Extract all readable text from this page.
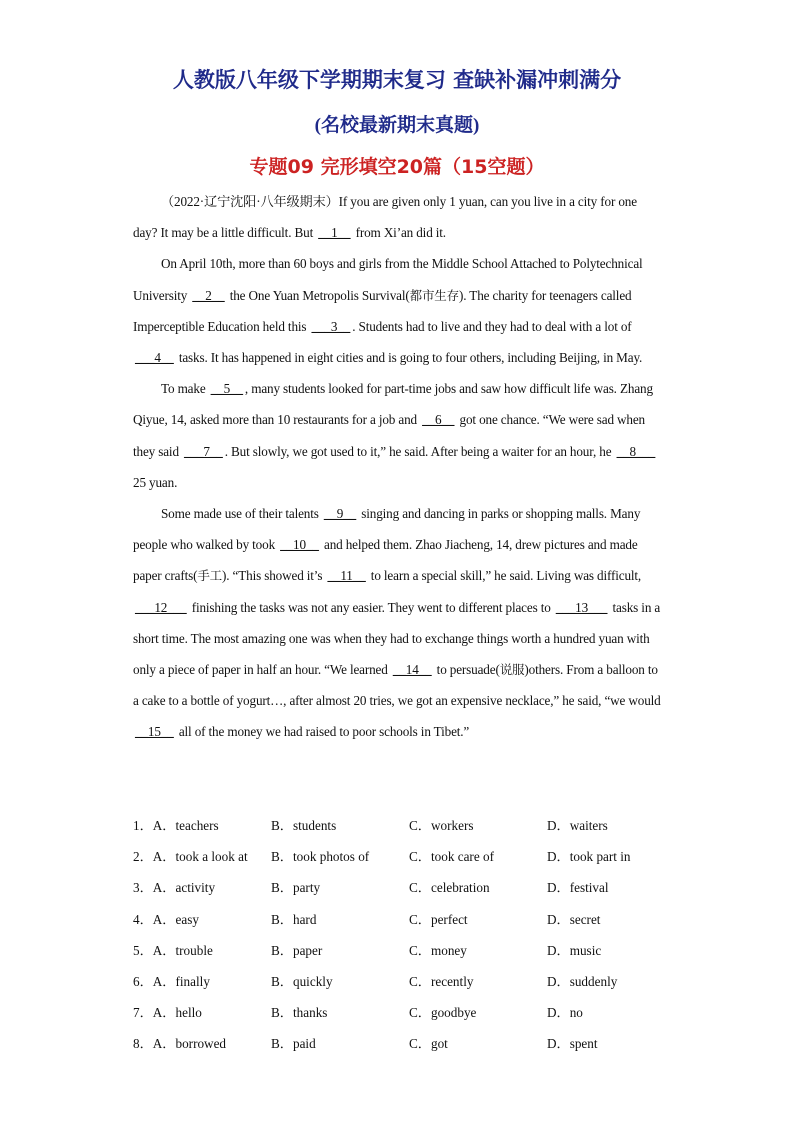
人教版八年级下学期期末复习 查缺补漏冲刺满分
(名校最新期末真题)
专题09 完形填空20篇（15空题）

（2022·辽宁沈阳·八年级期末）If you are given only 1 yuan, can you live in a city for one day? It may be a little difficult. But __1__ from Xi’an did it.

On April 10th, more than 60 boys and girls from the Middle School Attached to Polytechnical University __2__ the One Yuan Metropolis Survival(都市生存). The charity for teenagers called Imperceptible Education held this ___3__ . Students had to live and they had to deal with a lot of ___4__ tasks. It has happened in eight cities and is going to four others, including Beijing, in May.

To make __5__ , many students looked for part-time jobs and saw how difficult life was. Zhang Qiyue, 14, asked more than 10 restaurants for a job and __6__ got one chance. “We were sad when they said ___7__ . But slowly, we got used to it,” he said. After being a waiter for an hour, he __8___ 25 yuan.

Some made use of their talents __9__ singing and dancing in parks or shopping malls. Many people who walked by took __10__ and helped them. Zhao Jiacheng, 14, drew pictures and made paper crafts(手工). “This showed it’s __11__ to learn a special skill,” he said. Living was difficult, ___12___ finishing the tasks was not any easier. They went to different places to ___13___ tasks in a short time. The most amazing one was when they had to exchange things worth a hundred yuan with only a piece of paper in half an hour. “We learned __14__ to persuade(说服)others. From a balloon to a cake to a bottle of yogurt…, after almost 20 tries, we got an expensive necklace,” he said, “we would __15__ all of the money we had raised to poor schools in Tibet.”

1．A．teachers	B．students	C．workers	D．waiters
2．A．took a look at	B．took photos of	C．took care of	D．took part in
3．A．activity	B．party	C．celebration	D．festival
4．A．easy	B．hard	C．perfect	D．secret
5．A．trouble	B．paper	C．money	D．music
6．A．finally	B．quickly	C．recently	D．suddenly
7．A．hello	B．thanks	C．goodbye	D．no
8．A．borrowed	B．paid	C．got	D．spent
